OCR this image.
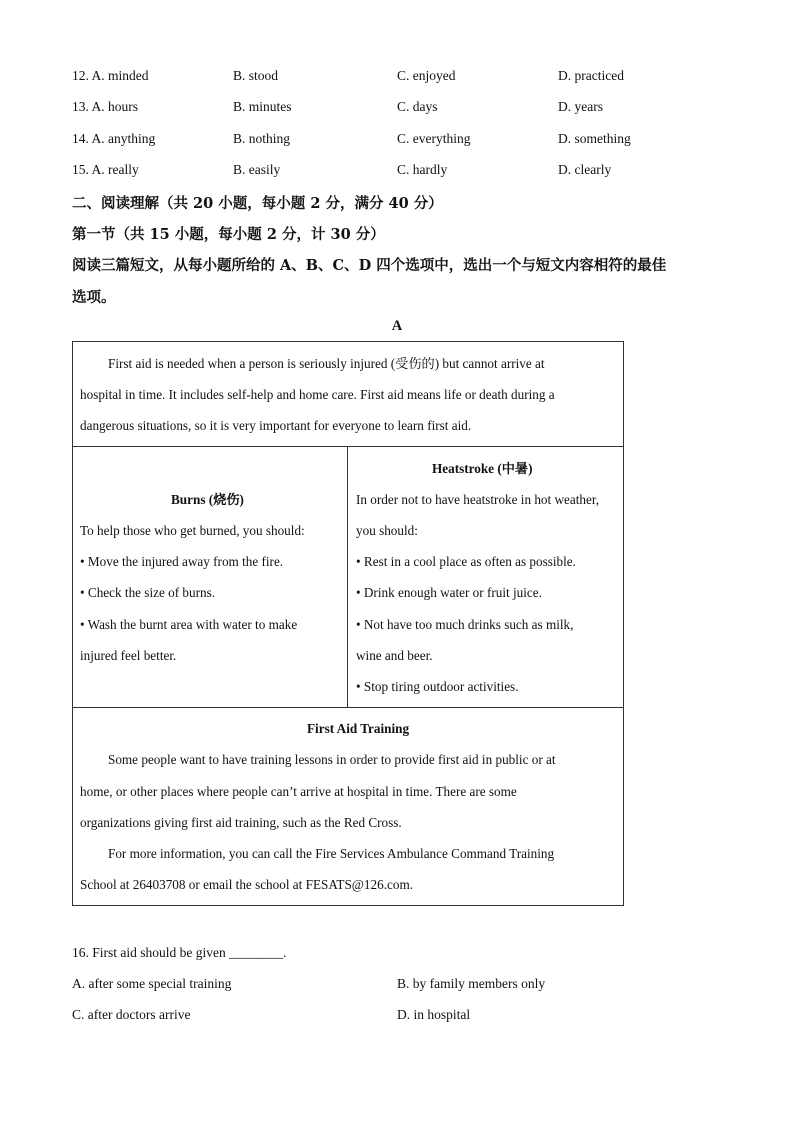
12. A. minded	B. stood	C. enjoyed	D. practiced
13. A. hours	B. minutes	C. days	D. years
14. A. anything	B. nothing	C. everything	D. something
15. A. really	B. easily	C. hardly	D. clearly
二、阅读理解（共 20 小题，每小题 2 分，满分 40 分）
第一节（共 15 小题，每小题 2 分，计 30 分）
阅读三篇短文，从每小题所给的 A、B、C、D 四个选项中，选出一个与短文内容相符的最佳
选项。
A
First aid is needed when a person is seriously injured (受伤的) but cannot arrive at
hospital in time. It includes self-help and home care. First aid means life or death during a
dangerous situations, so it is very important for everyone to learn first aid.
Burns (烧伤)
To help those who get burned, you should:
• Move the injured away from the fire.
• Check the size of burns.
• Wash the burnt area with water to make
injured feel better.
Heatstroke (中暑)
In order not to have heatstroke in hot weather,
you should:
• Rest in a cool place as often as possible.
• Drink enough water or fruit juice.
• Not have too much drinks such as milk,
wine and beer.
• Stop tiring outdoor activities.
First Aid Training
Some people want to have training lessons in order to provide first aid in public or at
home, or other places where people can’t arrive at hospital in time. There are some
organizations giving first aid training, such as the Red Cross.
For more information, you can call the Fire Services Ambulance Command Training
School at 26403708 or email the school at FESATS@126.com.
16. First aid should be given ________.
A. after some special training	B. by family members only
C. after doctors arrive	D. in hospital
